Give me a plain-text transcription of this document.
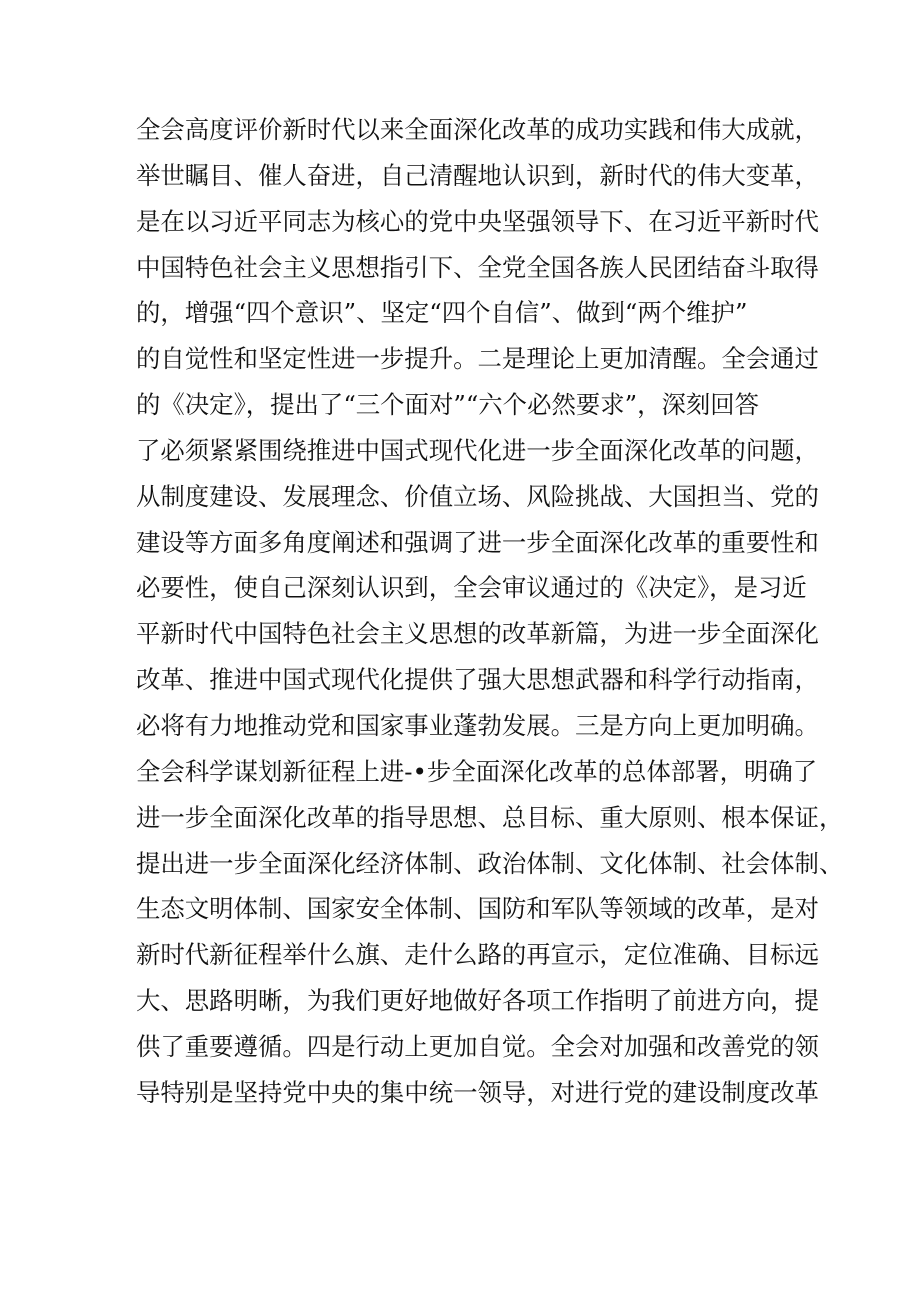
全会高度评价新时代以来全面深化改革的成功实践和伟大成就，
举世瞩目、催人奋进，自己清醒地认识到，新时代的伟大变革，
是在以习近平同志为核心的党中央坚强领导下、在习近平新时代
中国特色社会主义思想指引下、全党全国各族人民团结奋斗取得
的，增强“四个意识”、坚定“四个自信”、做到“两个维护”
的自觉性和坚定性进一步提升。二是理论上更加清醒。全会通过
的《决定》，提出了“三个面对”“六个必然要求”，深刻回答
了必须紧紧围绕推进中国式现代化进一步全面深化改革的问题，
从制度建设、发展理念、价值立场、风险挑战、大国担当、党的
建设等方面多角度阐述和强调了进一步全面深化改革的重要性和
必要性，使自己深刻认识到，全会审议通过的《决定》，是习近
平新时代中国特色社会主义思想的改革新篇，为进一步全面深化
改革、推进中国式现代化提供了强大思想武器和科学行动指南，
必将有力地推动党和国家事业蓬勃发展。三是方向上更加明确。
全会科学谋划新征程上进-•步全面深化改革的总体部署，明确了
进一步全面深化改革的指导思想、总目标、重大原则、根本保证，
提出进一步全面深化经济体制、政治体制、文化体制、社会体制、
生态文明体制、国家安全体制、国防和军队等领域的改革，是对
新时代新征程举什么旗、走什么路的再宣示，定位准确、目标远
大、思路明晰，为我们更好地做好各项工作指明了前进方向，提
供了重要遵循。四是行动上更加自觉。全会对加强和改善党的领
导特别是坚持党中央的集中统一领导，对进行党的建设制度改革
